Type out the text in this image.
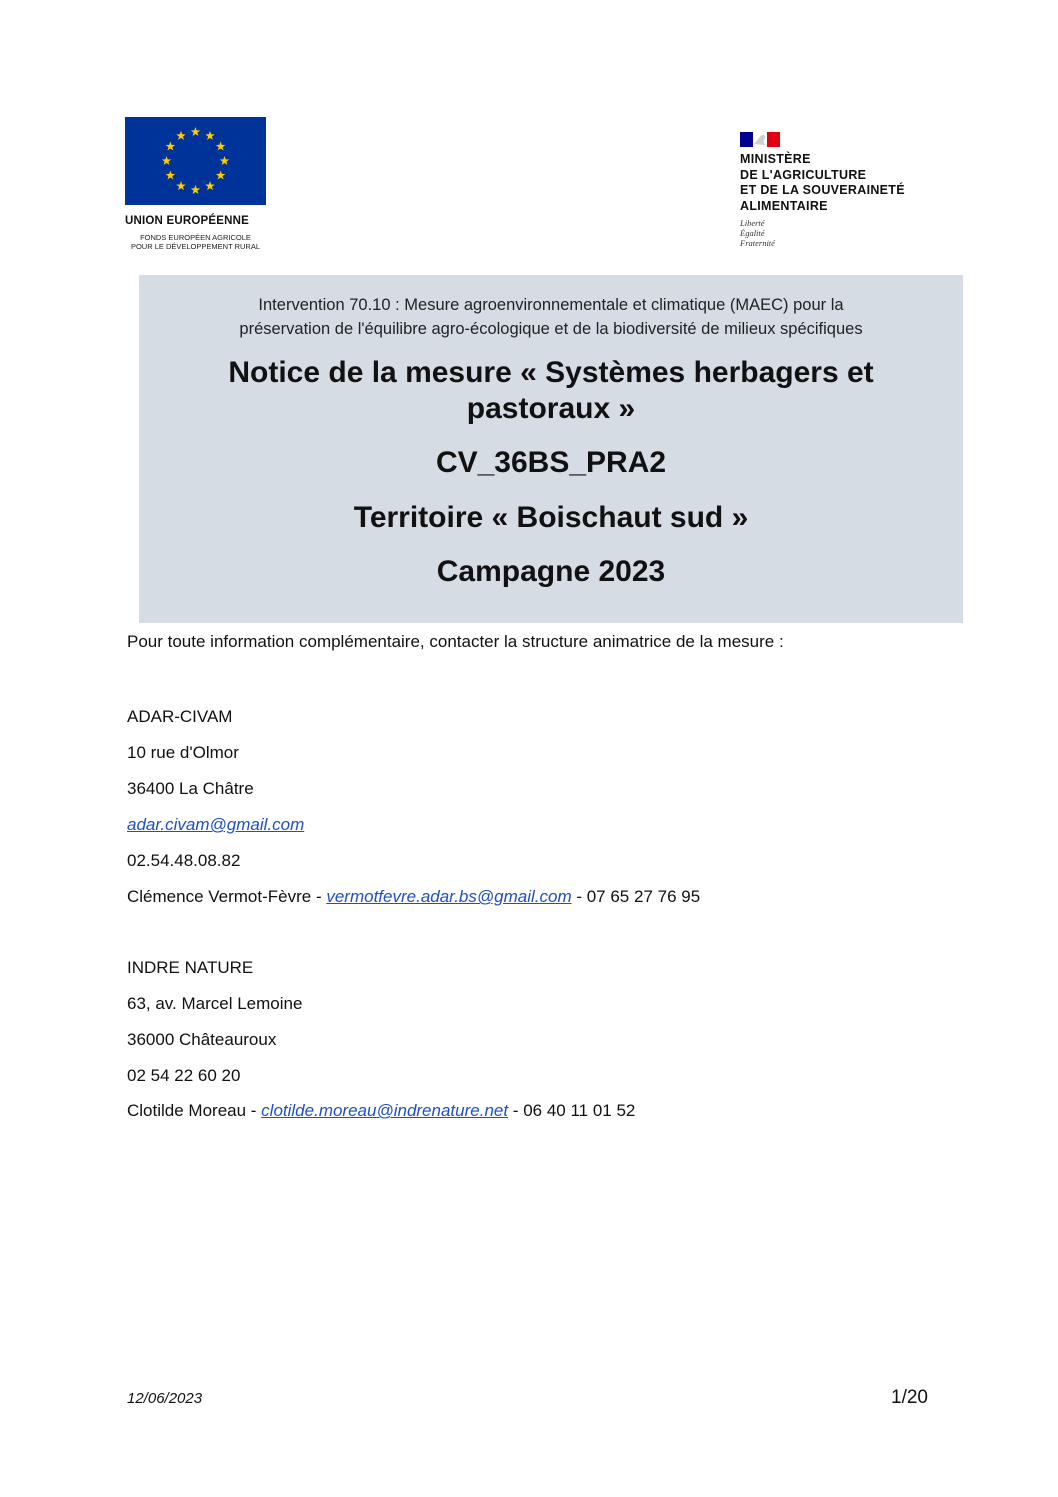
UNION EUROPÉENNE
FONDS EUROPÉEN AGRICOLE
POUR LE DÉVELOPPEMENT RURAL
MINISTÈRE
DE L'AGRICULTURE
ET DE LA SOUVERAINETÉ
ALIMENTAIRE
Liberté
Égalité
Fraternité
Intervention 70.10 : Mesure agroenvironnementale et climatique (MAEC) pour la
préservation de l'équilibre agro-écologique et de la biodiversité de milieux spécifiques
Notice de la mesure « Systèmes herbagers et
pastoraux »
CV_36BS_PRA2
Territoire « Boischaut sud »
Campagne 2023
Pour toute information complémentaire, contacter la structure animatrice de la mesure :
ADAR-CIVAM
10 rue d'Olmor
36400 La Châtre
adar.civam@gmail.com
02.54.48.08.82
Clémence Vermot-Fèvre - vermotfevre.adar.bs@gmail.com - 07 65 27 76 95
INDRE NATURE
63, av. Marcel Lemoine
36000 Châteauroux
02 54 22 60 20
Clotilde Moreau - clotilde.moreau@indrenature.net - 06 40 11 01 52
12/06/2023	1/20
